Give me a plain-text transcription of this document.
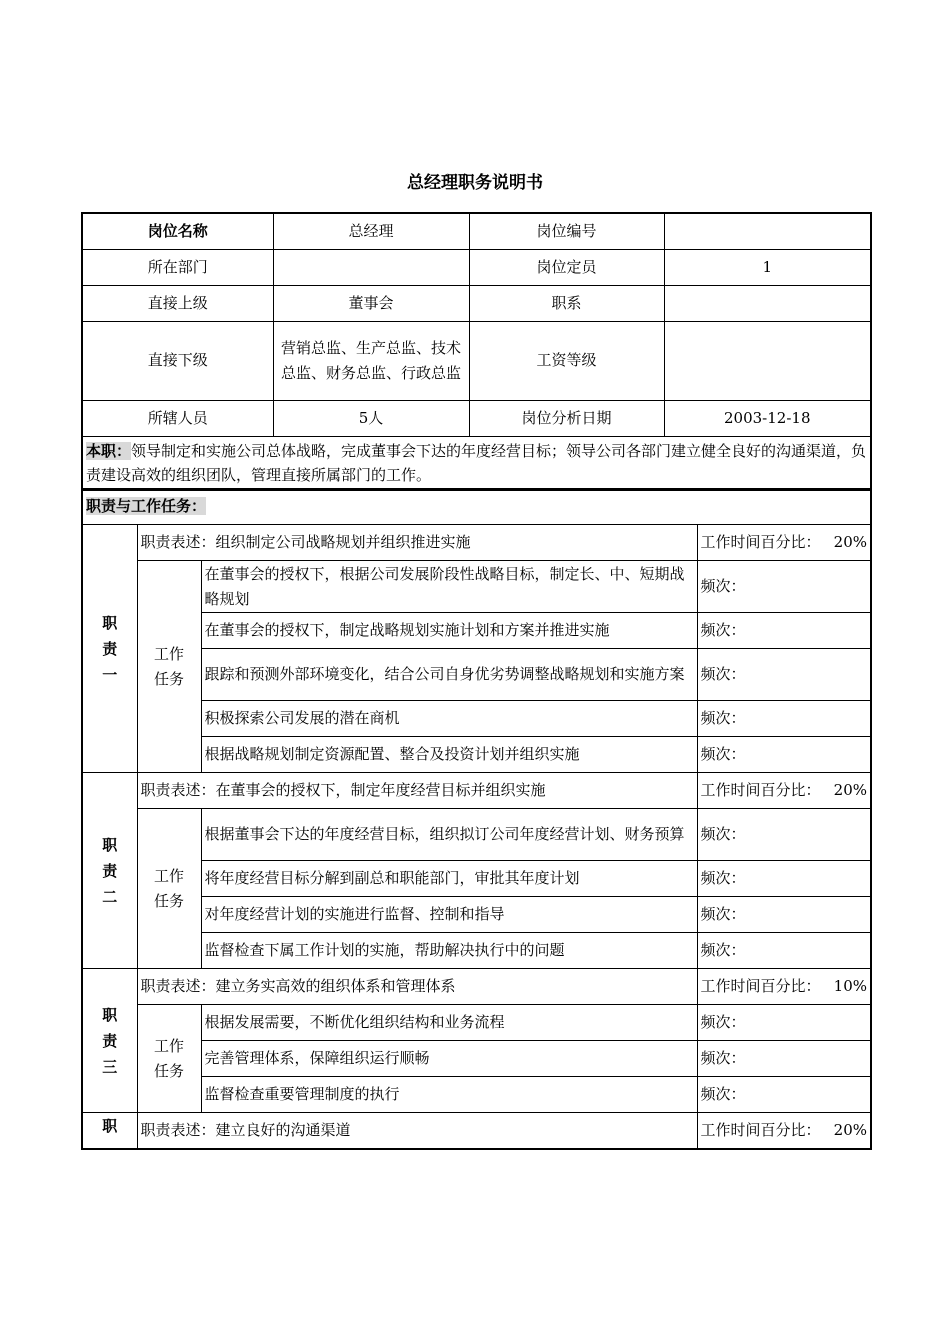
总经理职务说明书
岗位名称	总经理	岗位编号	
所在部门		岗位定员	1
直接上级	董事会	职系	
直接下级	营销总监、生产总监、技术总监、财务总监、行政总监	工资等级	
所辖人员	5人	岗位分析日期	2003-12-18
本职：领导制定和实施公司总体战略，完成董事会下达的年度经营目标；领导公司各部门建立健全良好的沟通渠道，负责建设高效的组织团队，管理直接所属部门的工作。			
职责与工作任务：			

职责一	职责表述：组织制定公司战略规划并组织推进实施		工作时间百分比： 20%

	工作任务	在董事会的授权下，根据公司发展阶段性战略目标，制定长、中、短期战略规划	频次：
		在董事会的授权下，制定战略规划实施计划和方案并推进实施	频次：
		跟踪和预测外部环境变化，结合公司自身优劣势调整战略规划和实施方案	频次：
		积极探索公司发展的潜在商机	频次：
		根据战略规划制定资源配置、整合及投资计划并组织实施	频次：

职责二	职责表述：在董事会的授权下，制定年度经营目标并组织实施		工作时间百分比： 20%

	工作任务	根据董事会下达的年度经营目标，组织拟订公司年度经营计划、财务预算	频次：
		将年度经营目标分解到副总和职能部门，审批其年度计划	频次：
		对年度经营计划的实施进行监督、控制和指导	频次：
		监督检查下属工作计划的实施，帮助解决执行中的问题	频次：

职责三	职责表述：建立务实高效的组织体系和管理体系		工作时间百分比： 10%

	工作任务	根据发展需要，不断优化组织结构和业务流程	频次：
		完善管理体系，保障组织运行顺畅	频次：
		监督检查重要管理制度的执行	频次：

职	职责表述：建立良好的沟通渠道		工作时间百分比： 20%
